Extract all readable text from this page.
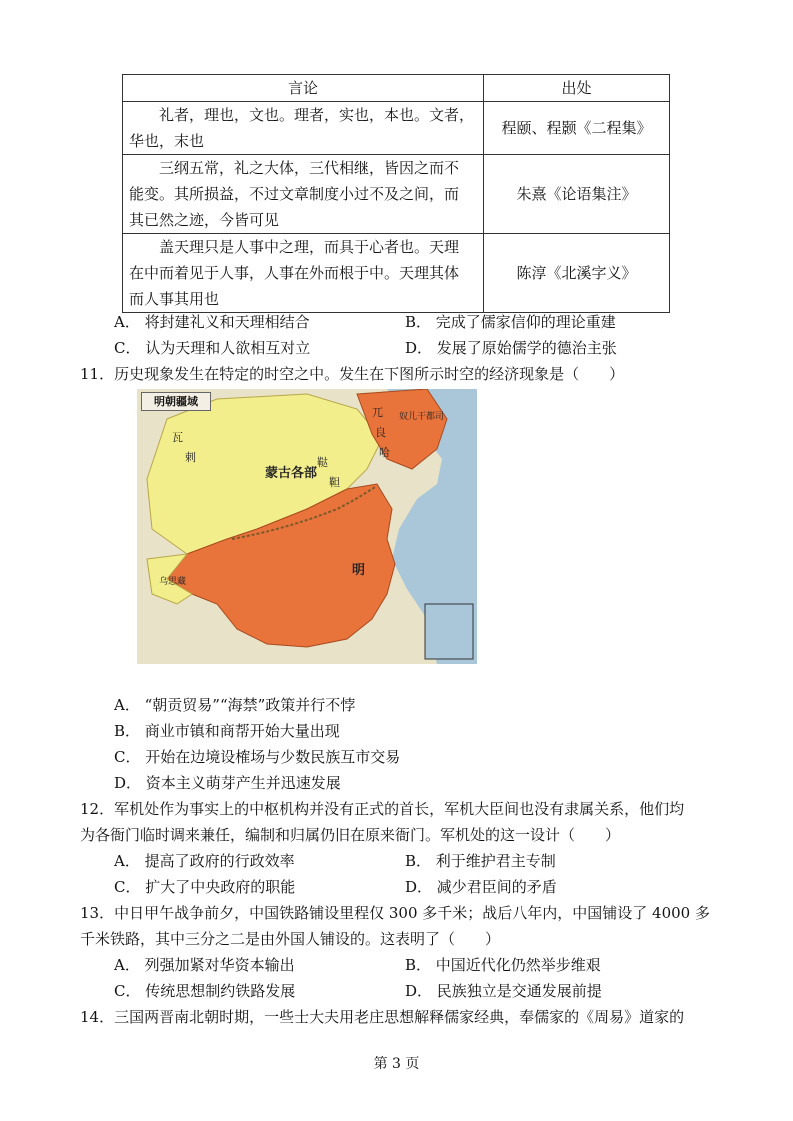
言论	出处

礼者，理也，文也。理者，实也，本也。文者，
华也，末也	程颐、程颢《二程集》

三纲五常，礼之大体，三代相继，皆因之而不
能变。其所损益，不过文章制度小过不及之间，而
其已然之迹，今皆可见	朱熹《论语集注》

盖天理只是人事中之理，而具于心者也。天理
在中而着见于人事，人事在外而根于中。天理其体
而人事其用也	陈淳《北溪字义》
A． 将封建礼义和天理相结合	B． 完成了儒家信仰的理论重建
C． 认为天理和人欲相互对立	D． 发展了原始儒学的德治主张
11．历史现象发生在特定的时空之中。发生在下图所示时空的经济现象是（　　）
明朝疆域
蒙古各部
瓦
剌	鞑
靼
兀
良
哈
奴儿干都司
乌思藏
明
A． “朝贡贸易”“海禁”政策并行不悖
B． 商业市镇和商帮开始大量出现
C． 开始在边境设榷场与少数民族互市交易
D． 资本主义萌芽产生并迅速发展
12．军机处作为事实上的中枢机构并没有正式的首长，军机大臣间也没有隶属关系，他们均
为各衙门临时调来兼任，编制和归属仍旧在原来衙门。军机处的这一设计（　　）
A． 提高了政府的行政效率	B． 利于维护君主专制
C． 扩大了中央政府的职能	D． 减少君臣间的矛盾
13．中日甲午战争前夕，中国铁路铺设里程仅 300 多千米；战后八年内，中国铺设了 4000 多
千米铁路，其中三分之二是由外国人铺设的。这表明了（　　）
A． 列强加紧对华资本输出	B． 中国近代化仍然举步维艰
C． 传统思想制约铁路发展	D． 民族独立是交通发展前提
14．三国两晋南北朝时期，一些士大夫用老庄思想解释儒家经典，奉儒家的《周易》道家的
第 3 页
